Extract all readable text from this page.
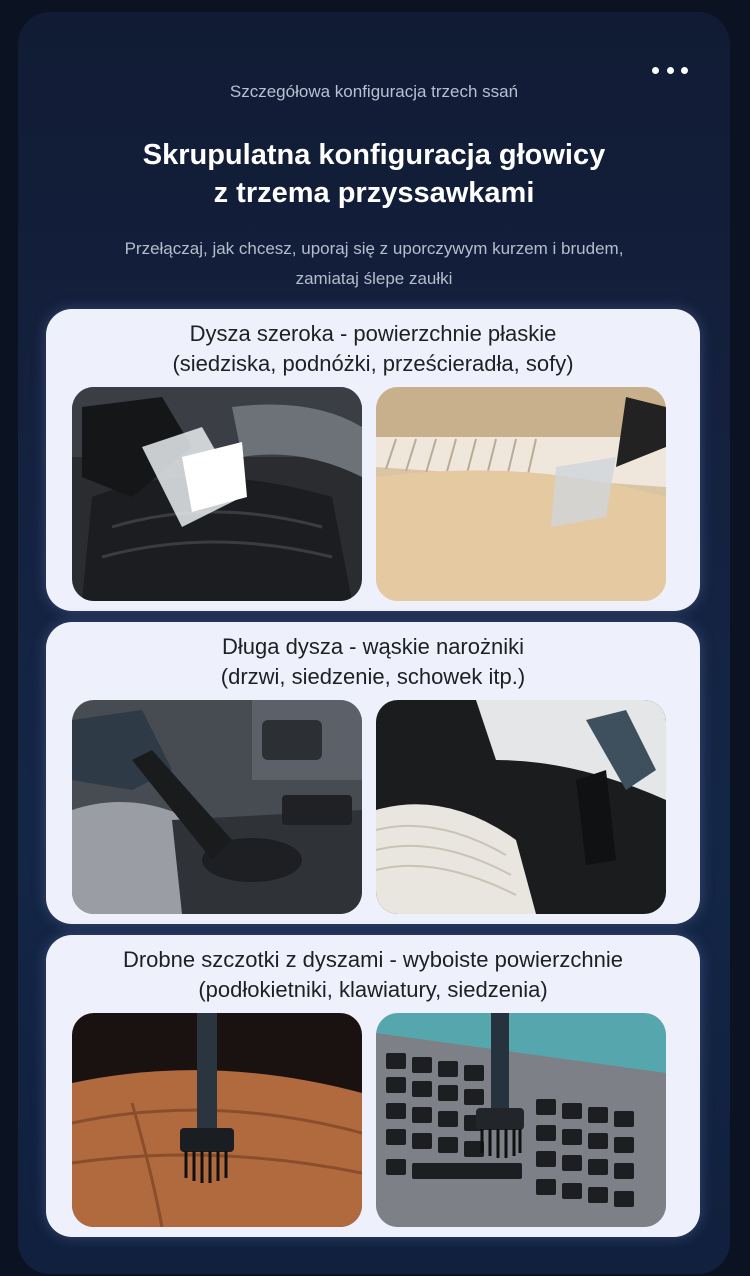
Szczegółowa konfiguracja trzech ssań
Skrupulatna konfiguracja głowicy
z trzema przyssawkami
Przełączaj, jak chcesz, uporaj się z uporczywym kurzem i brudem,
zamiataj ślepe zaułki
Dysza szeroka - powierzchnie płaskie
(siedziska, podnóżki, prześcieradła, sofy)
Długa dysza - wąskie narożniki
(drzwi, siedzenie, schowek itp.)
Drobne szczotki z dyszami - wyboiste powierzchnie
(podłokietniki, klawiatury, siedzenia)
